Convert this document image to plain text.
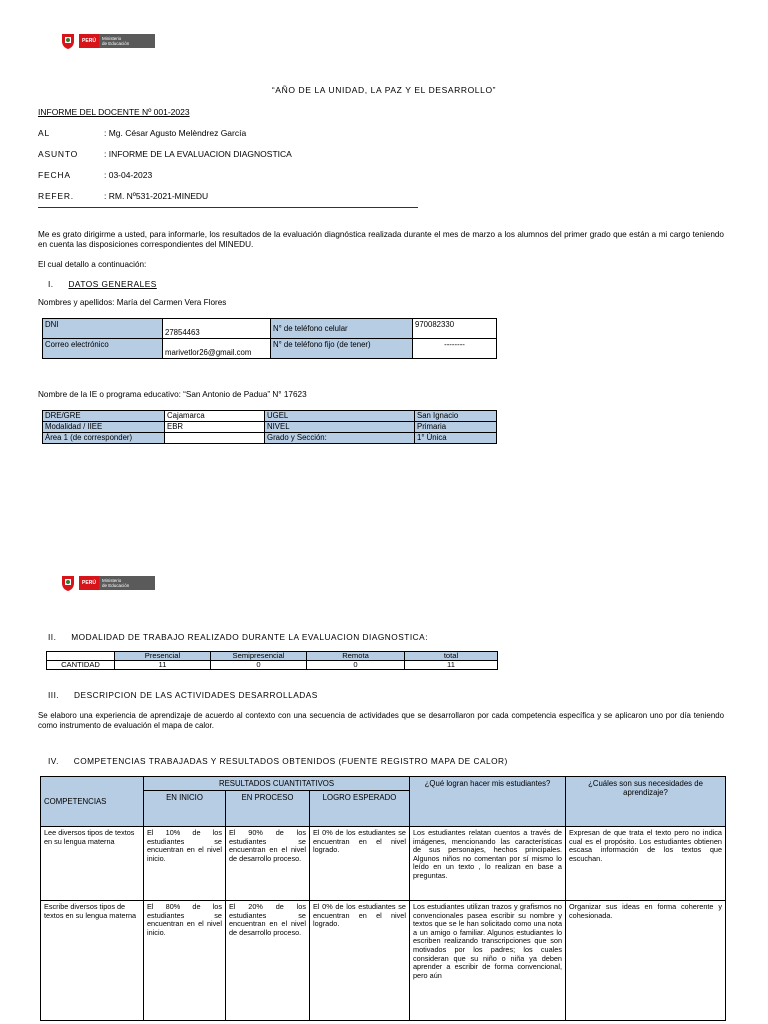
PERÚ	Ministerio
de Educación
“AÑO DE LA UNIDAD, LA PAZ Y EL DESARROLLO”
INFORME DEL DOCENTE Nº 001-2023
AL	: Mg. César Agusto Melèndrez García
ASUNTO	: INFORME DE LA EVALUACION DIAGNOSTICA
FECHA	: 03-04-2023
REFER.	: RM. Nº531-2021-MINEDU
Me es grato dirigirme a usted, para informarle, los resultados de la evaluación diagnóstica realizada durante el mes de marzo a los alumnos del primer grado que están a mi cargo teniendo en cuenta las disposiciones correspondientes del MINEDU.
El cual detallo a continuación:
I. DATOS GENERALES
Nombres y apellidos: María del Carmen Vera Flores
DNI	27854463	N° de teléfono celular	970082330
Correo electrónico	marivetlor26@gmail.com	N° de teléfono fijo (de tener)	--------
Nombre de la IE o programa educativo: “San Antonio de Padua” N° 17623
DRE/GRE	Cajamarca	UGEL	San Ignacio
Modalidad / IIEE	EBR	NIVEL	Primaria
Área 1 (de corresponder)		Grado y Sección:	1° Única
PERÚ	Ministerio
de Educación
II. MODALIDAD DE TRABAJO REALIZADO DURANTE LA EVALUACION DIAGNOSTICA:
	Presencial	Semipresencial	Remota	total
CANTIDAD	11	0	0	11
III. DESCRIPCION DE LAS ACTIVIDADES DESARROLLADAS
Se elaboro una experiencia de aprendizaje de acuerdo al contexto con una secuencia de actividades que se desarrollaron por cada competencia específica y se aplicaron uno por día teniendo como instrumento de evaluación el mapa de calor.
IV. COMPETENCIAS TRABAJADAS Y RESULTADOS OBTENIDOS (FUENTE REGISTRO MAPA DE CALOR)
COMPETENCIAS	RESULTADOS CUANTITATIVOS			¿Qué logran hacer mis estudiantes?	¿Cuáles son sus necesidades de aprendizaje?
	EN INICIO	EN PROCESO	LOGRO ESPERADO		
Lee diversos tipos de textos en su lengua materna	El 10% de los estudiantes se encuentran en el nivel inicio.	El 90% de los estudiantes se encuentran en el nivel de desarrollo proceso.	El 0% de los estudiantes se encuentran en el nivel logrado.	Los estudiantes relatan cuentos a través de imágenes, mencionando las características de sus personajes, hechos principales. Algunos niños no comentan por sí mismo lo leído en un texto , lo realizan en base a preguntas.	Expresan de que trata el texto pero no indica cual es el propósito. Los estudiantes obtienen escasa información de los textos que escuchan.
Escribe diversos tipos de textos en su lengua materna	El 80% de los estudiantes se encuentran en el nivel inicio.	El 20% de los estudiantes se encuentran en el nivel de desarrollo proceso.	El 0% de los estudiantes se encuentran en el nivel logrado.	Los estudiantes utilizan trazos y grafismos no convencionales pasea escribir su nombre y textos que se le han solicitado como una nota a un amigo o familiar. Algunos estudiantes lo escriben realizando transcripciones que son motivados por los padres; los cuales consideran que su niño o niña ya deben aprender a escribir de forma convencional, pero aún	Organizar sus ideas en forma coherente y cohesionada.
